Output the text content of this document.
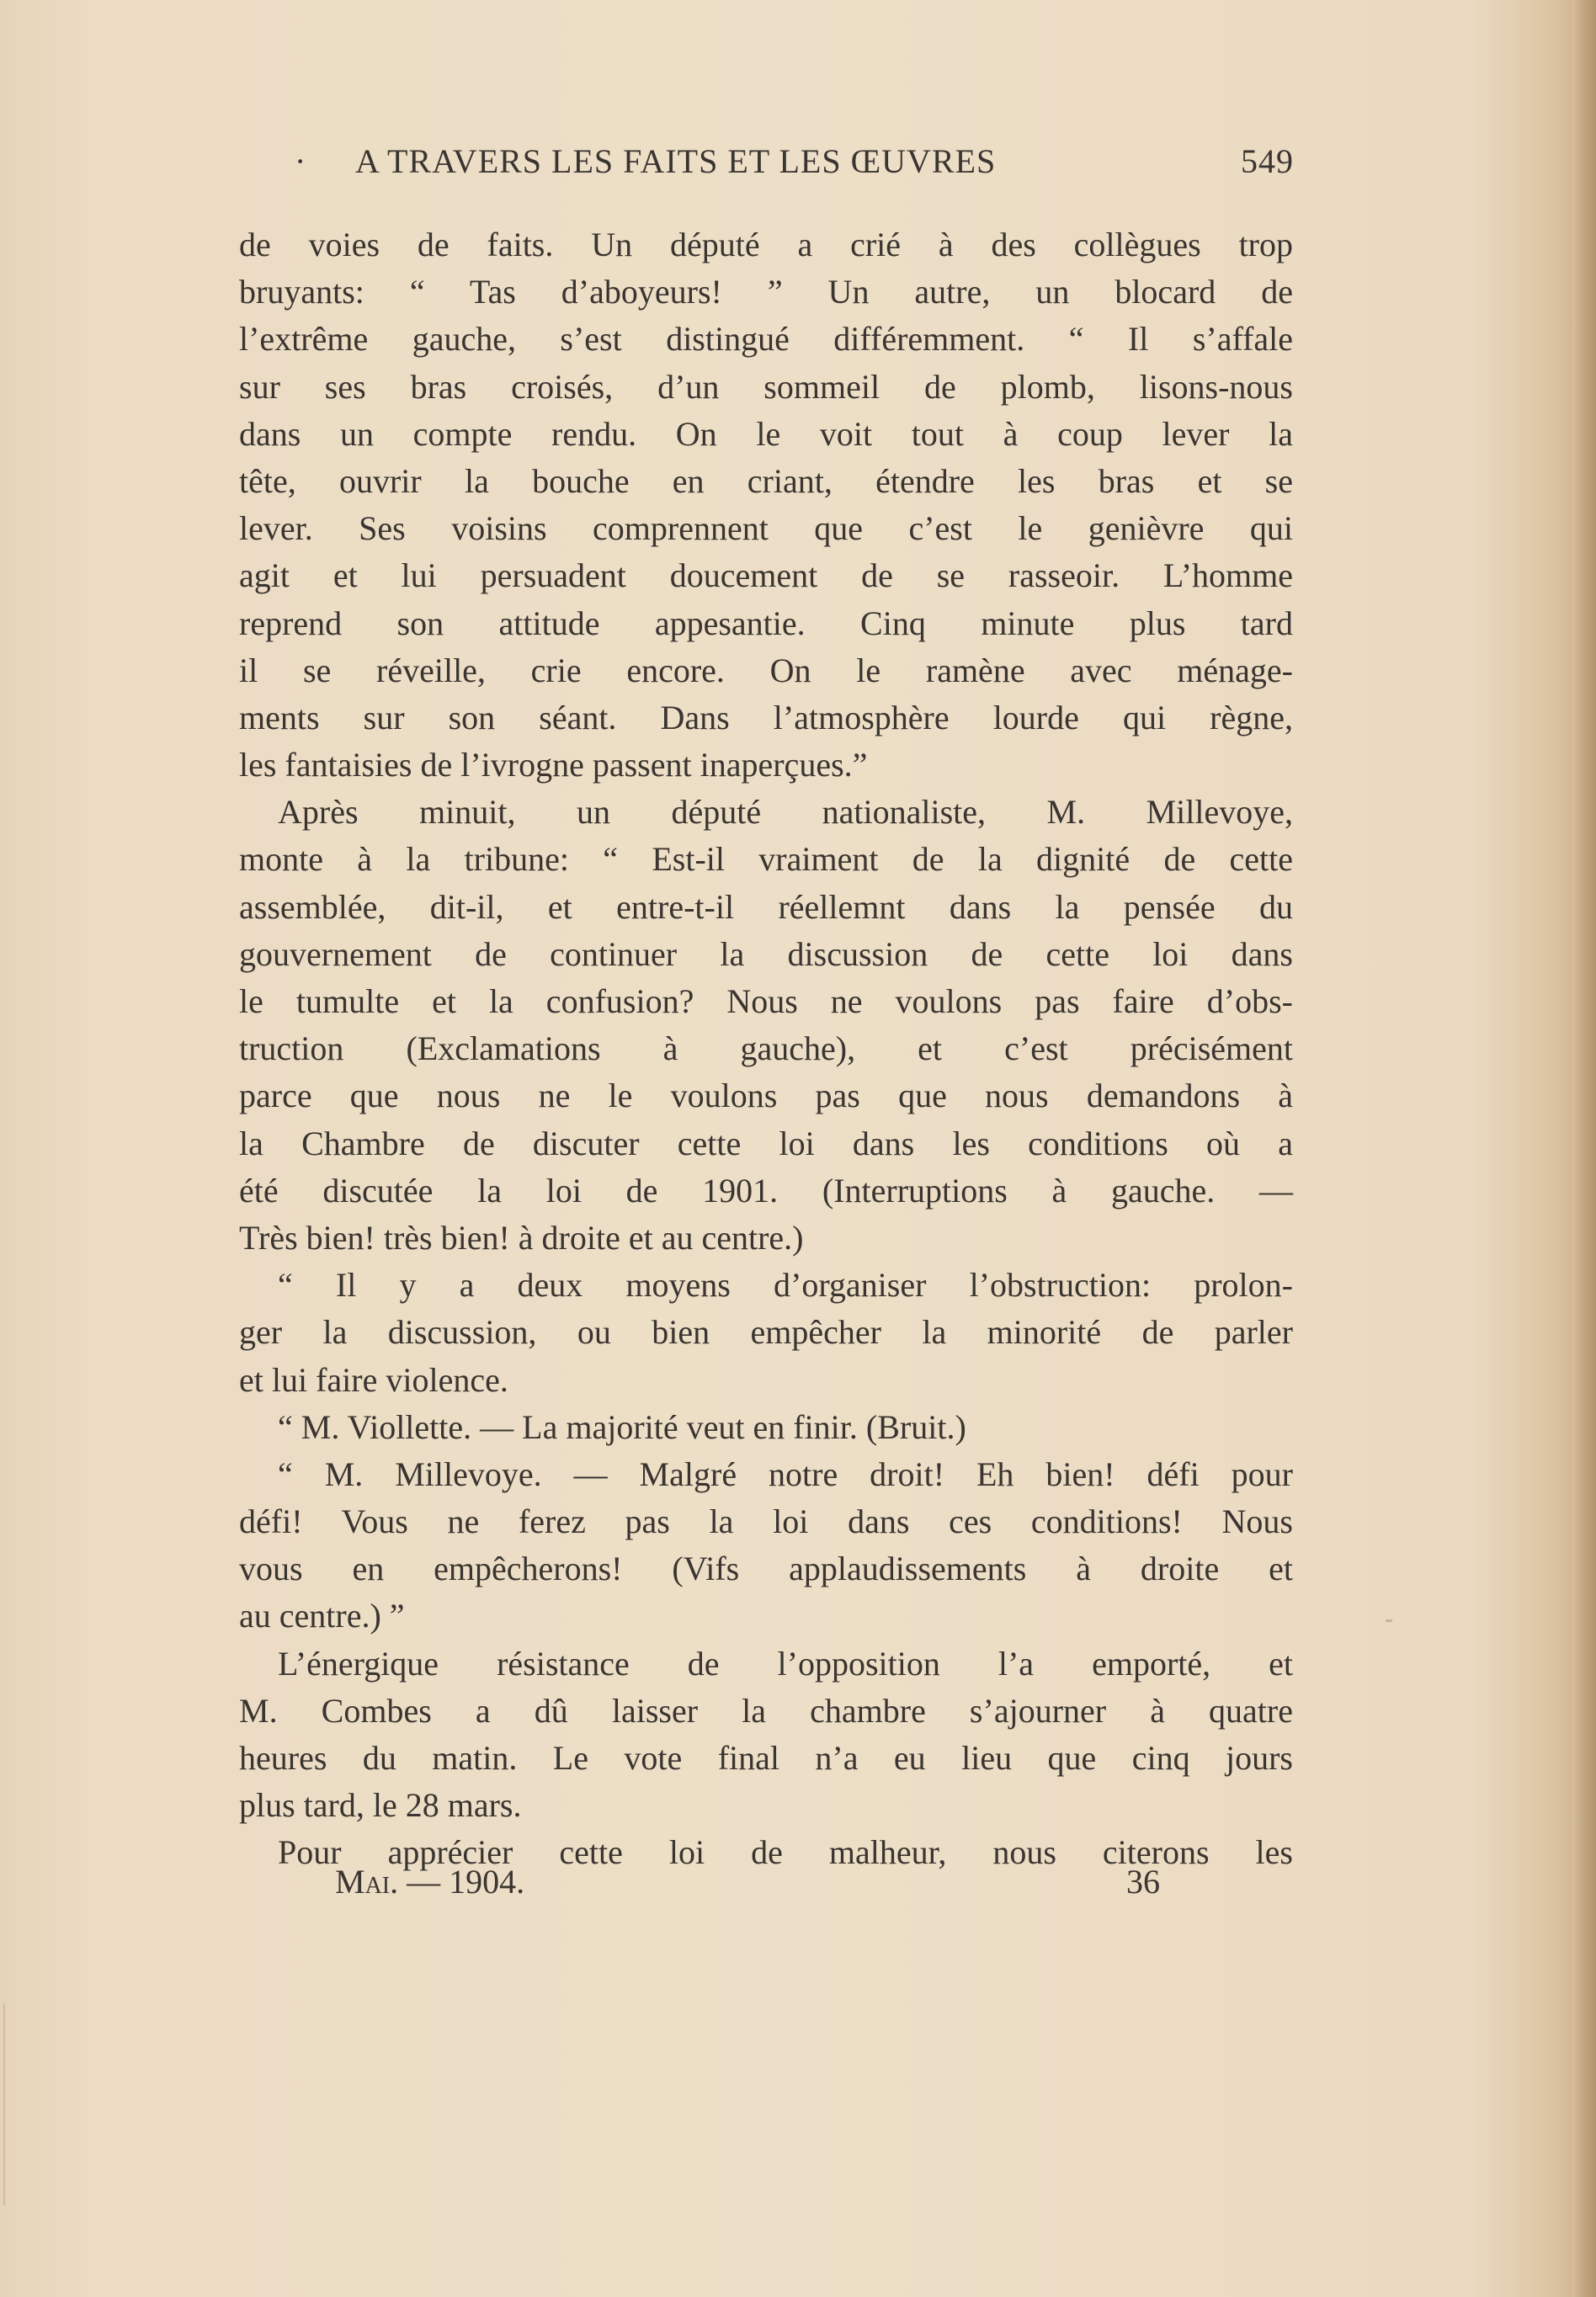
· A TRAVERS LES FAITS ET LES ŒUVRES	549
de voies de faits. Un député a crié à des collègues trop
bruyants: “ Tas d’aboyeurs! ” Un autre, un blocard de
l’extrême gauche, s’est distingué différemment. “ Il s’affale
sur ses bras croisés, d’un sommeil de plomb, lisons-nous
dans un compte rendu. On le voit tout à coup lever la
tête, ouvrir la bouche en criant, étendre les bras et se
lever. Ses voisins comprennent que c’est le genièvre qui
agit et lui persuadent doucement de se rasseoir. L’homme
reprend son attitude appesantie. Cinq minute plus tard
il se réveille, crie encore. On le ramène avec ménage-
ments sur son séant. Dans l’atmosphère lourde qui règne,
les fantaisies de l’ivrogne passent inaperçues.”
Après minuit, un député nationaliste, M. Millevoye,
monte à la tribune: “ Est-il vraiment de la dignité de cette
assemblée, dit-il, et entre-t-il réellemnt dans la pensée du
gouvernement de continuer la discussion de cette loi dans
le tumulte et la confusion? Nous ne voulons pas faire d’obs-
truction (Exclamations à gauche), et c’est précisément
parce que nous ne le voulons pas que nous demandons à
la Chambre de discuter cette loi dans les conditions où a
été discutée la loi de 1901. (Interruptions à gauche. —
Très bien! très bien! à droite et au centre.)
“ Il y a deux moyens d’organiser l’obstruction: prolon-
ger la discussion, ou bien empêcher la minorité de parler
et lui faire violence.
“ M. Viollette. — La majorité veut en finir. (Bruit.)
“ M. Millevoye. — Malgré notre droit! Eh bien! défi pour
défi! Vous ne ferez pas la loi dans ces conditions! Nous
vous en empêcherons! (Vifs applaudissements à droite et
au centre.) ”
L’énergique résistance de l’opposition l’a emporté, et
M. Combes a dû laisser la chambre s’ajourner à quatre
heures du matin. Le vote final n’a eu lieu que cinq jours
plus tard, le 28 mars.
Pour apprécier cette loi de malheur, nous citerons les
Mai. — 1904.	36
